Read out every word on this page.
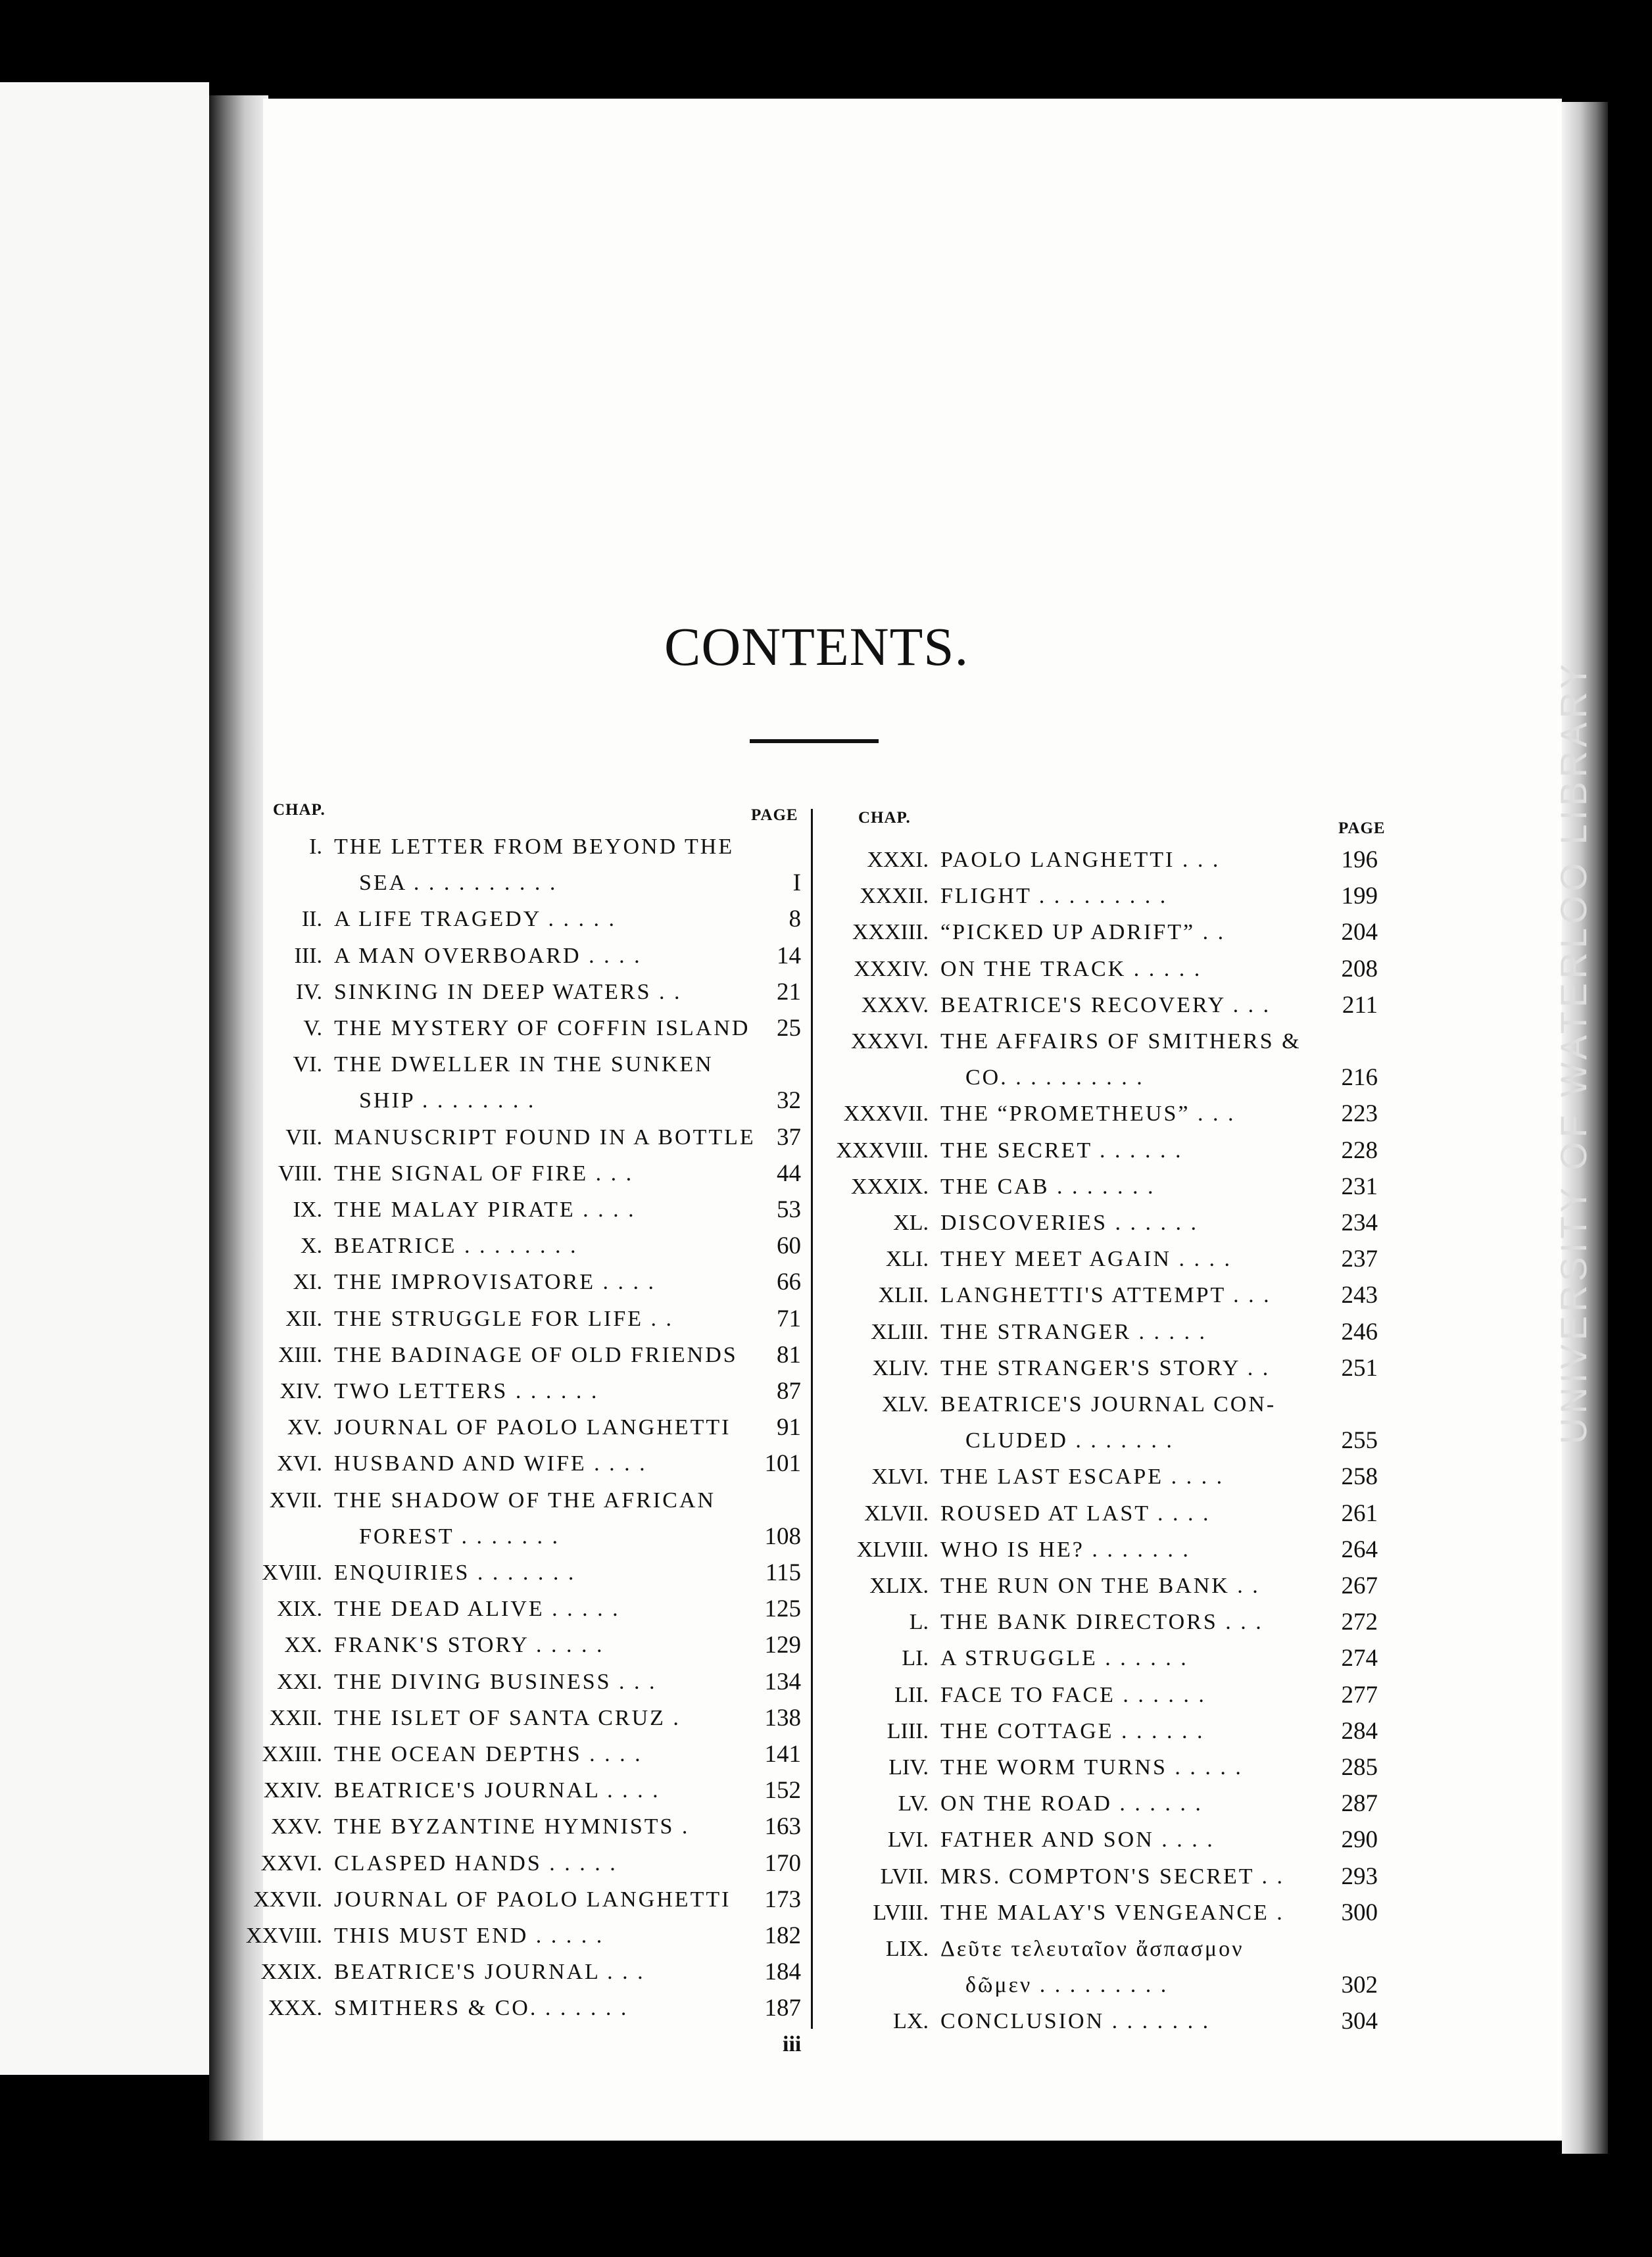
CONTENTS.
CHAP.	PAGE	CHAP.
PAGE
I. THE LETTER FROM BEYOND THE
SEA . . . . . . . . . .	I
II. A LIFE TRAGEDY . . . . .	8
III. A MAN OVERBOARD . . . .	14
IV. SINKING IN DEEP WATERS . .	21
V. THE MYSTERY OF COFFIN ISLAND 25
VI. THE DWELLER IN THE SUNKEN
SHIP . . . . . . . .	32
VII. MANUSCRIPT FOUND IN A BOTTLE 37
VIII. THE SIGNAL OF FIRE . . .	44
IX. THE MALAY PIRATE . . . .	53
X. BEATRICE . . . . . . . .	60
XI. THE IMPROVISATORE . . . .	66
XII. THE STRUGGLE FOR LIFE . .	71
XIII. THE BADINAGE OF OLD FRIENDS 81
XIV. TWO LETTERS . . . . . .	87
XV. JOURNAL OF PAOLO LANGHETTI 91
XVI. HUSBAND AND WIFE . . . .	101
XVII. THE SHADOW OF THE AFRICAN
FOREST . . . . . . .	108
XVIII. ENQUIRIES . . . . . . .	115
XIX. THE DEAD ALIVE . . . . .	125
XX. FRANK'S STORY . . . . .	129
XXI. THE DIVING BUSINESS . . .	134
XXII. THE ISLET OF SANTA CRUZ .	138
XXIII. THE OCEAN DEPTHS . . . .	141
XXIV. BEATRICE'S JOURNAL . . . .	152
XXV. THE BYZANTINE HYMNISTS .	163
XXVI. CLASPED HANDS . . . . .	170
XXVII. JOURNAL OF PAOLO LANGHETTI 173
XXVIII. THIS MUST END . . . . .	182
XXIX. BEATRICE'S JOURNAL . . .	184
XXX. SMITHERS & CO. . . . . . .	187
XXXI. PAOLO LANGHETTI . . .	196
XXXII. FLIGHT . . . . . . . . .	199
XXXIII. “PICKED UP ADRIFT” . .	204
XXXIV. ON THE TRACK . . . . .	208
XXXV. BEATRICE'S RECOVERY . . .	211
XXXVI. THE AFFAIRS OF SMITHERS &
CO. . . . . . . . . .	216
XXXVII. THE “PROMETHEUS” . . .	223
XXXVIII. THE SECRET . . . . . .	228
XXXIX. THE CAB . . . . . . .	231
XL. DISCOVERIES . . . . . .	234
XLI. THEY MEET AGAIN . . . .	237
XLII. LANGHETTI'S ATTEMPT . . .	243
XLIII. THE STRANGER . . . . .	246
XLIV. THE STRANGER'S STORY . .	251
XLV. BEATRICE'S JOURNAL CON-
CLUDED . . . . . . .	255
XLVI. THE LAST ESCAPE . . . .	258
XLVII. ROUSED AT LAST . . . .	261
XLVIII. WHO IS HE? . . . . . . .	264
XLIX. THE RUN ON THE BANK . .	267
L. THE BANK DIRECTORS . . .	272
LI. A STRUGGLE . . . . . .	274
LII. FACE TO FACE . . . . . .	277
LIII. THE COTTAGE . . . . . .	284
LIV. THE WORM TURNS . . . . .	285
LV. ON THE ROAD . . . . . .	287
LVI. FATHER AND SON . . . .	290
LVII. MRS. COMPTON'S SECRET . . 293
LVIII. THE MALAY'S VENGEANCE . 300
LIX. Δεῦτε τελευταῖον ἄσπασμον
δῶμεν . . . . . . . . .	302
LX. CONCLUSION . . . . . . .	304
iii
UNIVERSITY OF WATERLOO LIBRARY
